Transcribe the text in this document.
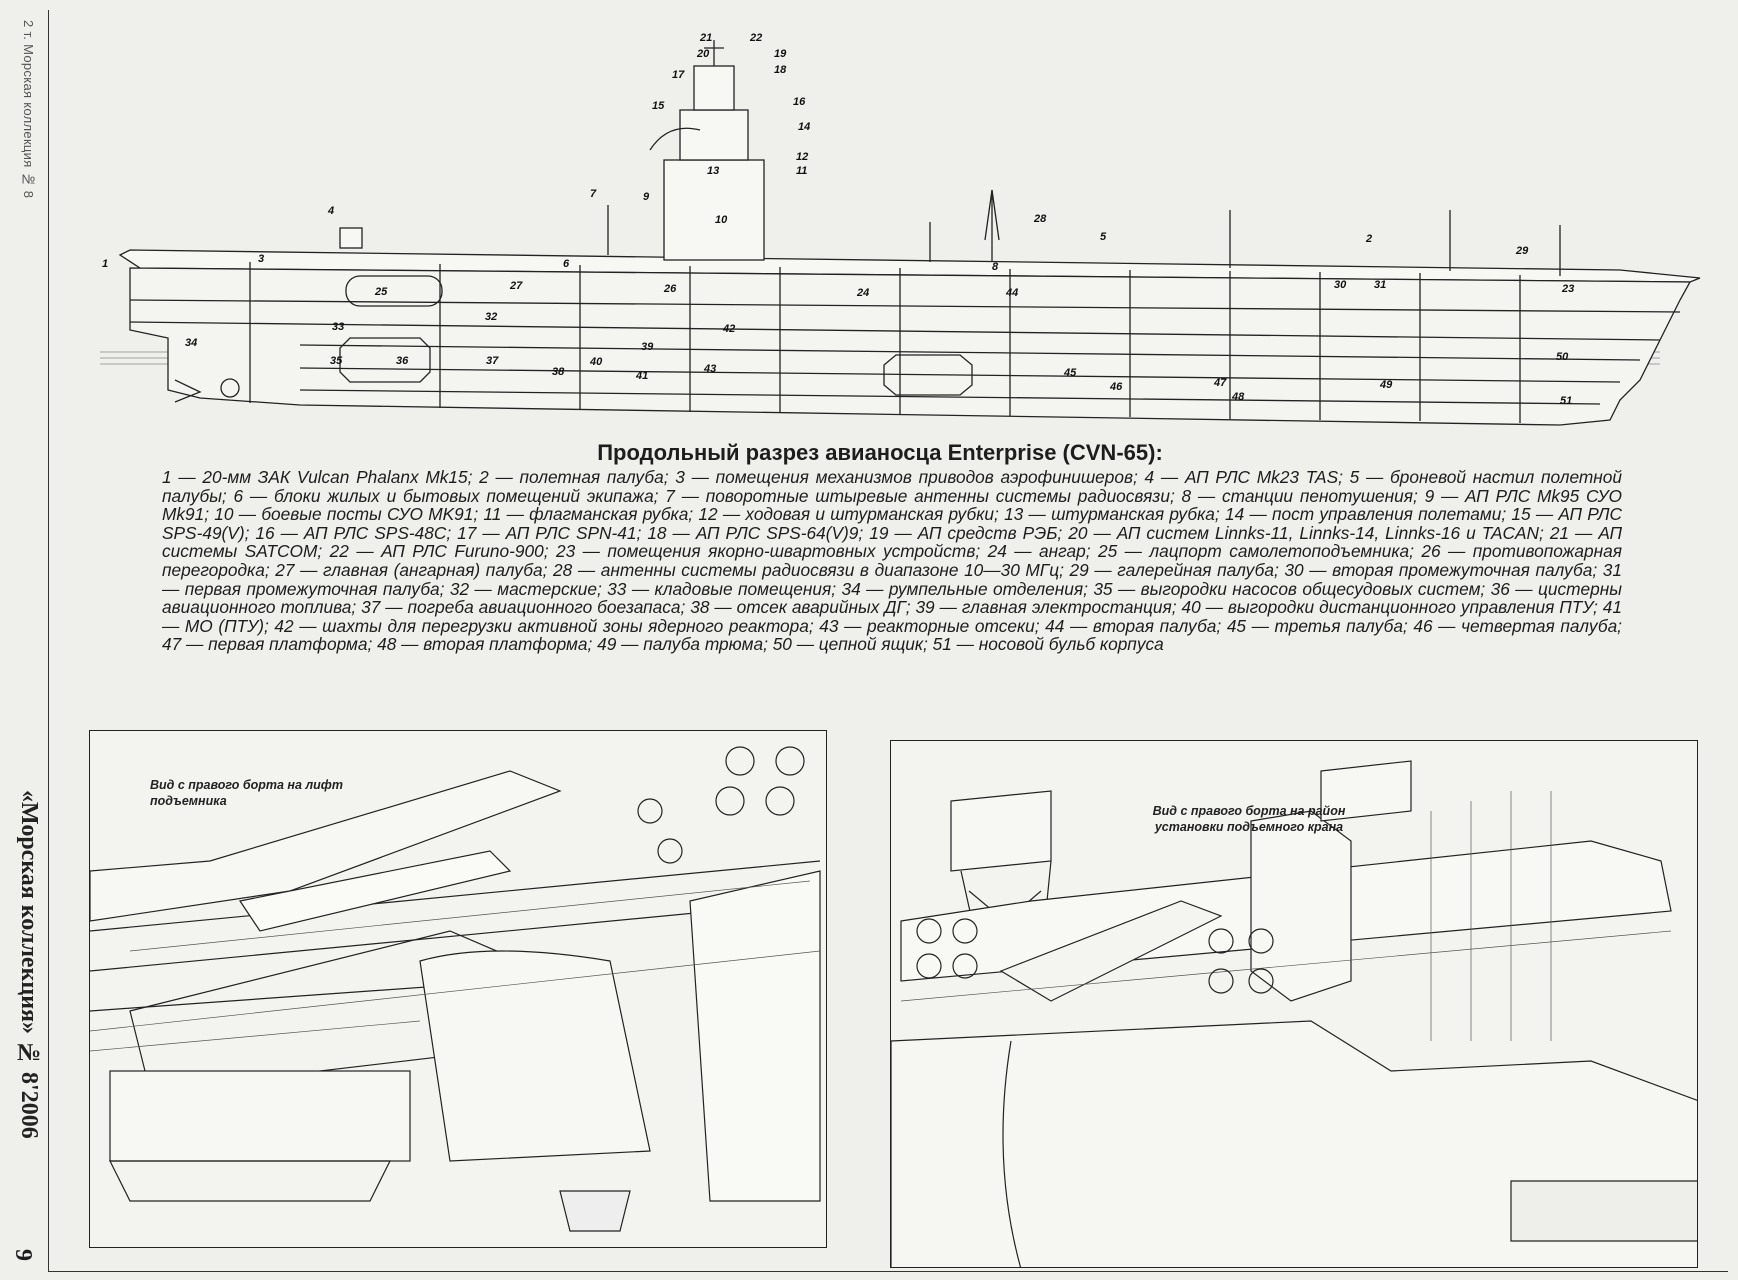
2 т. Морская коллекция № 8
«Морская коллекция» № 8'2006
9
1
2
3
4
5
6
7
8
9
10
11
12
13
14
15	16
17	18
19
20
21	22
23
24
25	26
27
28
29
30	31
32
33
34
35	36	37
38
39
40
41
42
43
44
45
46	47
48
49
50
51
Продольный разрез авианосца Enterprise (CVN-65):
1 — 20-мм ЗАК Vulcan Phalanx Mk15; 2 — полетная палуба; 3 — помещения механизмов приводов аэрофинишеров; 4 — АП РЛС Mk23 TAS; 5 — броневой настил полетной палубы; 6 — блоки жилых и бытовых помещений экипажа; 7 — поворотные штыревые антенны системы радиосвязи; 8 — станции пенотушения; 9 — АП РЛС Mk95 СУО Mk91; 10 — боевые посты СУО MK91; 11 — флагманская рубка; 12 — ходовая и штурманская рубки; 13 — штурманская рубка; 14 — пост управления полетами; 15 — АП РЛС SPS-49(V); 16 — АП РЛС SPS-48C; 17 — АП РЛС SPN-41; 18 — АП РЛС SPS-64(V)9; 19 — АП средств РЭБ; 20 — АП систем Linnks-11, Linnks-14, Linnks-16 и TACAN; 21 — АП системы SATCOM; 22 — АП РЛС Furuno-900; 23 — помещения якорно-швартовных устройств; 24 — ангар; 25 — лацпорт самолетоподъемника; 26 — противопожарная перегородка; 27 — главная (ангарная) палуба; 28 — антенны системы радиосвязи в диапазоне 10—30 МГц; 29 — галерейная палуба; 30 — вторая промежуточная палуба; 31 — первая промежуточная палуба; 32 — мастерские; 33 — кладовые помещения; 34 — румпельные отделения; 35 — выгородки насосов общесудовых систем; 36 — цистерны авиационного топлива; 37 — погреба авиационного боезапаса; 38 — отсек аварийных ДГ; 39 — главная электростанция; 40 — выгородки дистанционного управления ПТУ; 41 — МО (ПТУ); 42 — шахты для перегрузки активной зоны ядерного реактора; 43 — реакторные отсеки; 44 — вторая палуба; 45 — третья палуба; 46 — четвертая палуба; 47 — первая платформа; 48 — вторая платформа; 49 — палуба трюма; 50 — цепной ящик; 51 — носовой бульб корпуса
Вид с правого борта на лифт подъемника
Вид с правого борта на район установки подъемного крана
